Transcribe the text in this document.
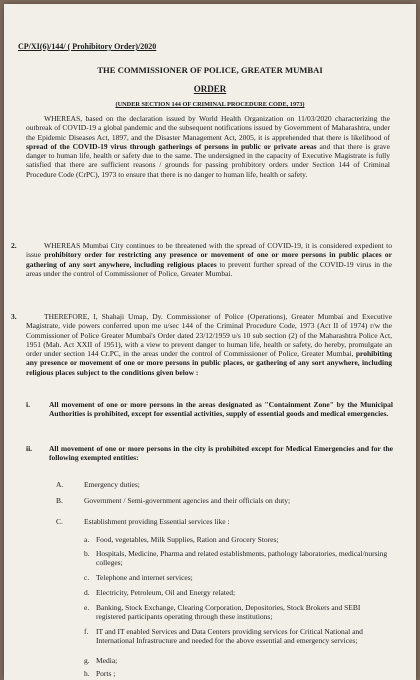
CP/XI(6)/144/ ( Prohibitory Order)/2020
THE COMMISSIONER OF POLICE, GREATER MUMBAI
ORDER
(UNDER SECTION 144 OF CRIMINAL PROCEDURE CODE, 1973)
WHEREAS, based on the declaration issued by World Health Organization on 11/03/2020 characterizing the outbreak of COVID-19 a global pandemic and the subsequent notifications issued by Government of Maharashtra, under the Epidemic Diseases Act, 1897, and the Disaster Management Act, 2005, it is apprehended that there is likelihood of spread of the COVID-19 virus through gatherings of persons in public or private areas and that there is grave danger to human life, health or safety due to the same. The undersigned in the capacity of Executive Magistrate is fully satisfied that there are sufficient reasons / grounds for passing prohibitory orders under Section 144 of Criminal Procedure Code (CrPC), 1973 to ensure that there is no danger to human life, health or safety.
2.	WHEREAS Mumbai City continues to be threatened with the spread of COVID-19, it is considered expedient to issue prohibitory order for restricting any presence or movement of one or more persons in public places or gathering of any sort anywhere, including religious places to prevent further spread of the COVID-19 virus in the areas under the control of Commissioner of Police, Greater Mumbai.
3.	THEREFORE, I, Shahaji Umap, Dy. Commissioner of Police (Operations), Greater Mumbai and Executive Magistrate, vide powers conferred upon me u/sec 144 of the Criminal Procedure Code, 1973 (Act II of 1974) r/w the Commissioner of Police Greater Mumbai's Order dated 23/12/1959 u/s 10 sub section (2) of the Maharashtra Police Act, 1951 (Mah. Act XXII of 1951), with a view to prevent danger to human life, health or safety, do hereby, promulgate an order under section 144 Cr.PC, in the areas under the control of Commissioner of Police, Greater Mumbai, prohibiting any presence or movement of one or more persons in public places, or gathering of any sort anywhere, including religious places subject to the conditions given below :
i.	All movement of one or more persons in the areas designated as "Containment Zone" by the Municipal Authorities is prohibited, except for essential activities, supply of essential goods and medical emergencies.
ii. All movement of one or more persons in the city is prohibited except for Medical Emergencies and for the following exempted entities:
A.	Emergency duties;
B.	Government / Semi-government agencies and their officials on duty;
C.	Establishment providing Essential services like :
a. Food, vegetables, Milk Supplies, Ration and Grocery Stores;
b. Hospitals, Medicine, Pharma and related establishments, pathology laboratories, medical/nursing colleges;
c. Telephone and internet services;
d. Electricity, Petroleum, Oil and Energy related;
e. Banking, Stock Exchange, Clearing Corporation, Depositories, Stock Brokers and SEBI registered participants operating through these institutions;
f. IT and IT enabled Services and Data Centers providing services for Critical National and International Infrastructure and needed for the above essential and emergency services;
g. Media;
h. Ports ;
